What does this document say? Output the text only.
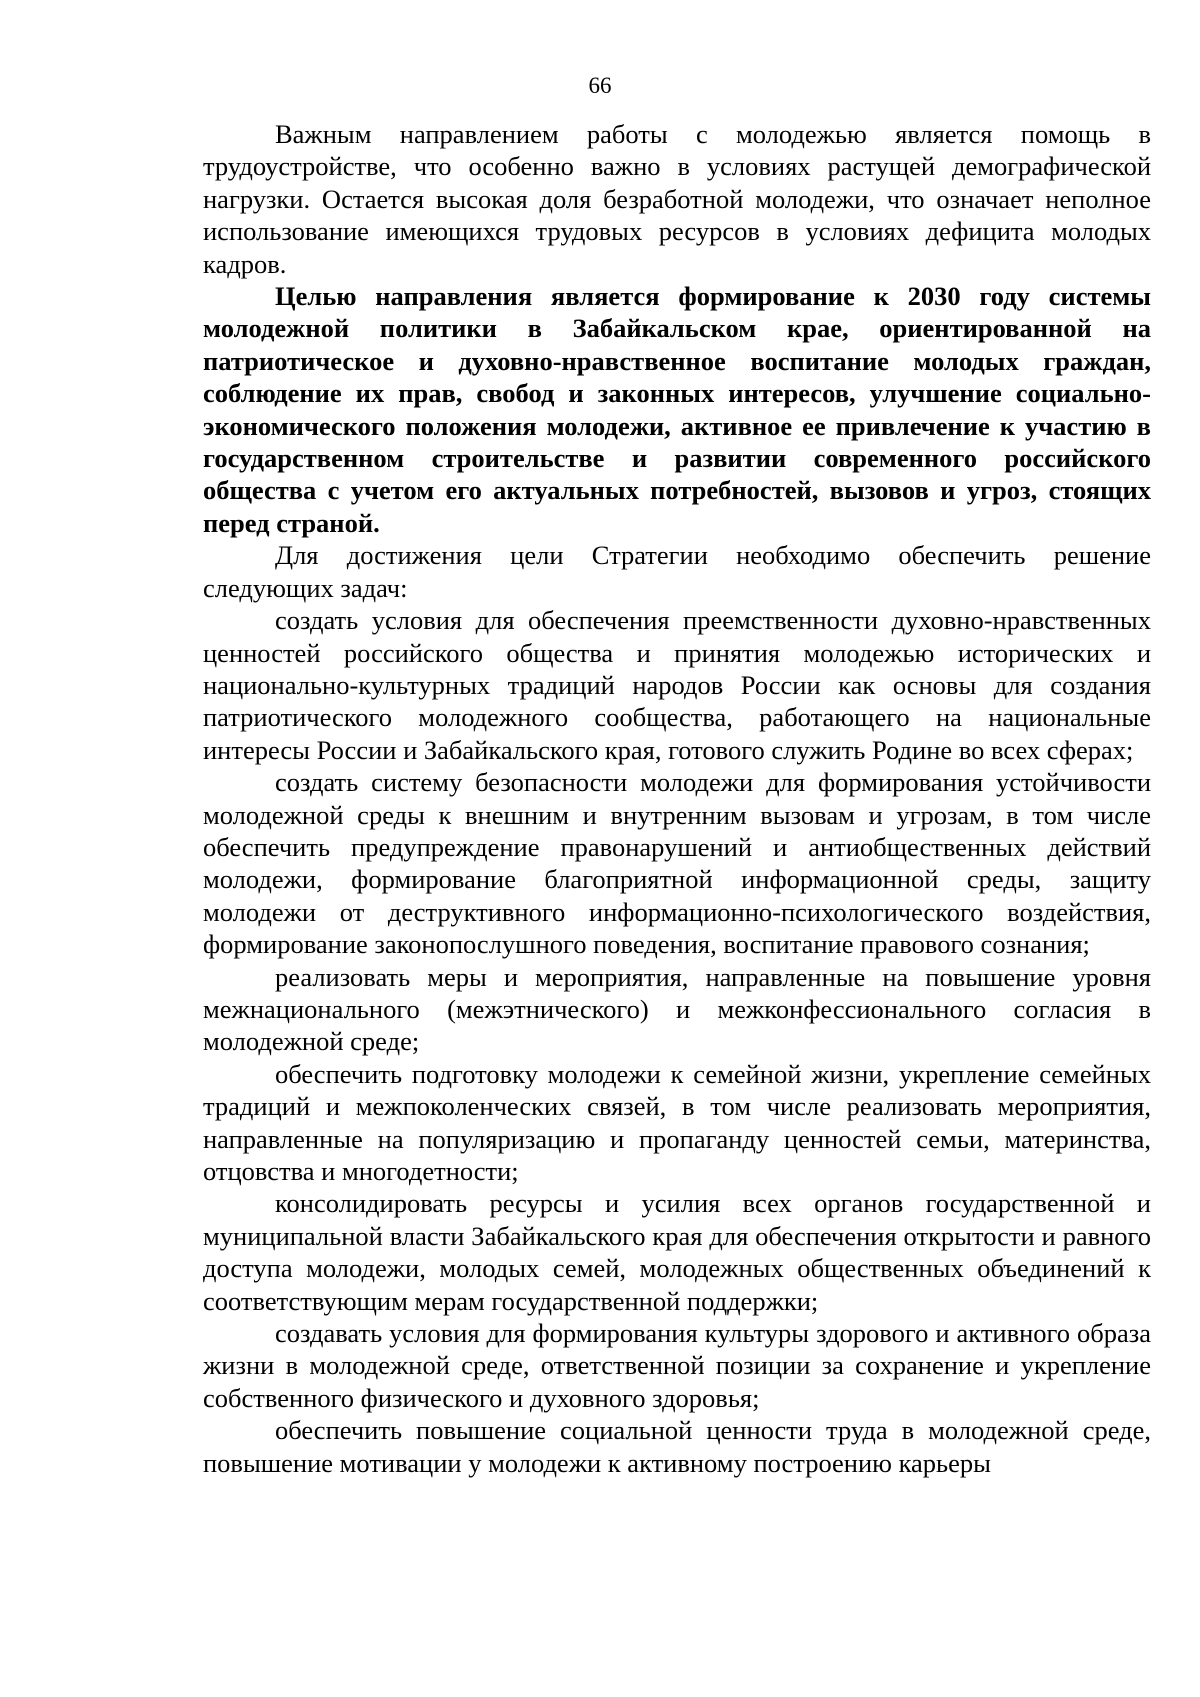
66

Важным направлением работы с молодежью является помощь в трудоустройстве, что особенно важно в условиях растущей демографической нагрузки. Остается высокая доля безработной молодежи, что означает неполное использование имеющихся трудовых ресурсов в условиях дефицита молодых кадров.

Целью направления является формирование к 2030 году системы молодежной политики в Забайкальском крае, ориентированной на патриотическое и духовно-нравственное воспитание молодых граждан, соблюдение их прав, свобод и законных интересов, улучшение социально-экономического положения молодежи, активное ее привлечение к участию в государственном строительстве и развитии современного российского общества с учетом его актуальных потребностей, вызовов и угроз, стоящих перед страной.

Для достижения цели Стратегии необходимо обеспечить решение следующих задач:

создать условия для обеспечения преемственности духовно-нравственных ценностей российского общества и принятия молодежью исторических и национально-культурных традиций народов России как основы для создания патриотического молодежного сообщества, работающего на национальные интересы России и Забайкальского края, готового служить Родине во всех сферах;

создать систему безопасности молодежи для формирования устойчивости молодежной среды к внешним и внутренним вызовам и угрозам, в том числе обеспечить предупреждение правонарушений и антиобщественных действий молодежи, формирование благоприятной информационной среды, защиту молодежи от деструктивного информационно-психологического воздействия, формирование законопослушного поведения, воспитание правового сознания;

реализовать меры и мероприятия, направленные на повышение уровня межнационального (межэтнического) и межконфессионального согласия в молодежной среде;

обеспечить подготовку молодежи к семейной жизни, укрепление семейных традиций и межпоколенческих связей, в том числе реализовать мероприятия, направленные на популяризацию и пропаганду ценностей семьи, материнства, отцовства и многодетности;

консолидировать ресурсы и усилия всех органов государственной и муниципальной власти Забайкальского края для обеспечения открытости и равного доступа молодежи, молодых семей, молодежных общественных объединений к соответствующим мерам государственной поддержки;

создавать условия для формирования культуры здорового и активного образа жизни в молодежной среде, ответственной позиции за сохранение и укрепление собственного физического и духовного здоровья;

обеспечить повышение социальной ценности труда в молодежной среде, повышение мотивации у молодежи к активному построению карьеры
